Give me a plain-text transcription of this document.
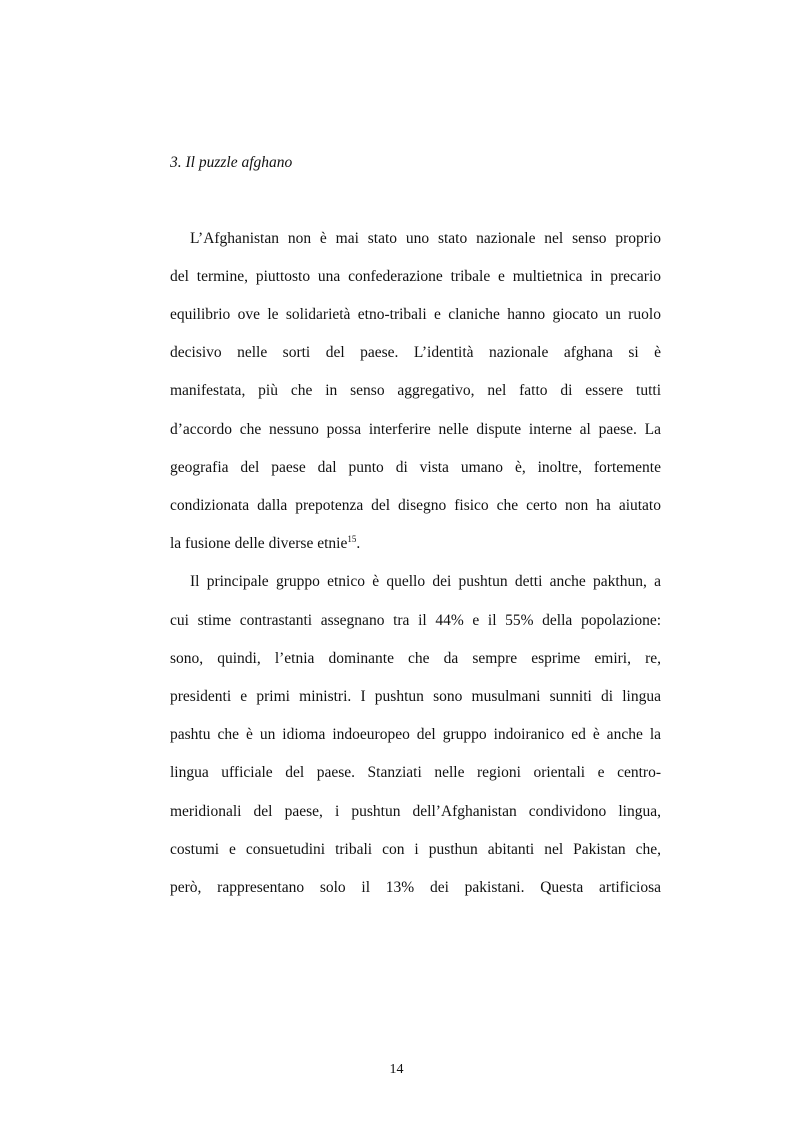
3. Il puzzle afghano
L’Afghanistan non è mai stato uno stato nazionale nel senso proprio
del termine, piuttosto una confederazione tribale e multietnica in precario
equilibrio ove le solidarietà etno-tribali e claniche hanno giocato un ruolo
decisivo nelle sorti del paese. L’identità nazionale afghana si è
manifestata, più che in senso aggregativo, nel fatto di essere tutti
d’accordo che nessuno possa interferire nelle dispute interne al paese. La
geografia del paese dal punto di vista umano è, inoltre, fortemente
condizionata dalla prepotenza del disegno fisico che certo non ha aiutato
la fusione delle diverse etnie$^{15}$.
Il principale gruppo etnico è quello dei pushtun detti anche pakthun, a
cui stime contrastanti assegnano tra il 44% e il 55% della popolazione:
sono, quindi, l’etnia dominante che da sempre esprime emiri, re,
presidenti e primi ministri. I pushtun sono musulmani sunniti di lingua
pashtu che è un idioma indoeuropeo del gruppo indoiranico ed è anche la
lingua ufficiale del paese. Stanziati nelle regioni orientali e centro-
meridionali del paese, i pushtun dell’Afghanistan condividono lingua,
costumi e consuetudini tribali con i pusthun abitanti nel Pakistan che,
però, rappresentano solo il 13% dei pakistani. Questa artificiosa
14
